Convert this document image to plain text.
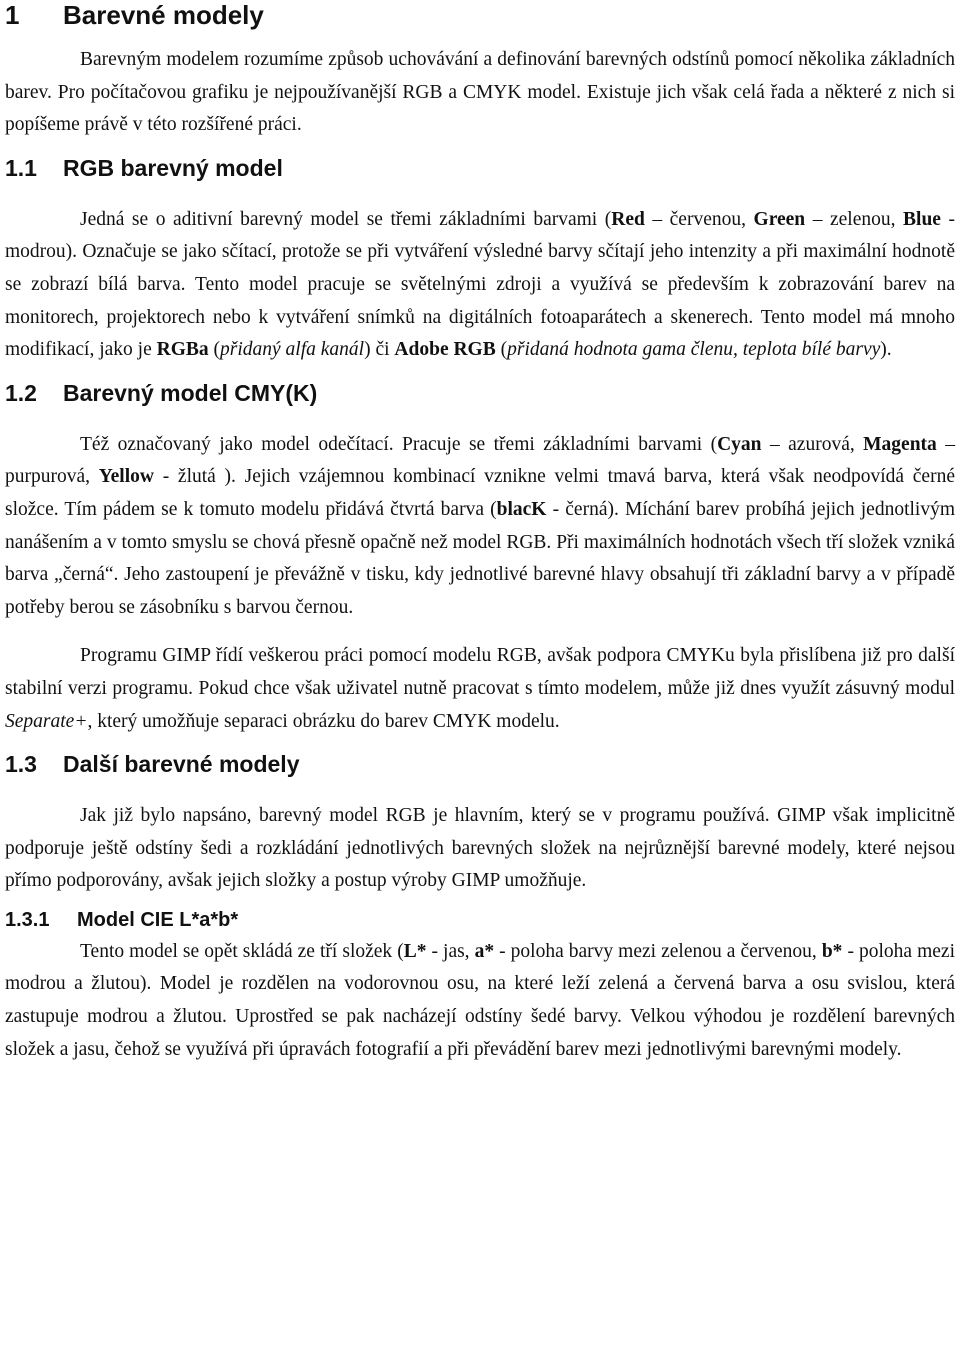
1 Barevné modely

Barevným modelem rozumíme způsob uchovávání a definování barevných odstínů pomocí několika základních barev. Pro počítačovou grafiku je nejpoužívanější RGB a CMYK model. Existuje jich však celá řada a některé z nich si popíšeme právě v této rozšířené práci.

1.1 RGB barevný model

Jedná se o aditivní barevný model se třemi základními barvami (Red – červenou, Green – zelenou, Blue - modrou). Označuje se jako sčítací, protože se při vytváření výsledné barvy sčítají jeho intenzity a při maximální hodnotě se zobrazí bílá barva. Tento model pracuje se světelnými zdroji a využívá se především k zobrazování barev na monitorech, projektorech nebo k vytváření snímků na digitálních fotoaparátech a skenerech. Tento model má mnoho modifikací, jako je RGBa (přidaný alfa kanál) či Adobe RGB (přidaná hodnota gama členu, teplota bílé barvy).

1.2 Barevný model CMY(K)

Též označovaný jako model odečítací. Pracuje se třemi základními barvami (Cyan – azurová, Magenta – purpurová, Yellow - žlutá ). Jejich vzájemnou kombinací vznikne velmi tmavá barva, která však neodpovídá černé složce. Tím pádem se k tomuto modelu přidává čtvrtá barva (blacK - černá). Míchání barev probíhá jejich jednotlivým nanášením a v tomto smyslu se chová přesně opačně než model RGB. Při maximálních hodnotách všech tří složek vzniká barva „černá“. Jeho zastoupení je převážně v tisku, kdy jednotlivé barevné hlavy obsahují tři základní barvy a v případě potřeby berou se zásobníku s barvou černou.

Programu GIMP řídí veškerou práci pomocí modelu RGB, avšak podpora CMYKu byla přislíbena již pro další stabilní verzi programu. Pokud chce však uživatel nutně pracovat s tímto modelem, může již dnes využít zásuvný modul Separate+, který umožňuje separaci obrázku do barev CMYK modelu.

1.3 Další barevné modely

Jak již bylo napsáno, barevný model RGB je hlavním, který se v programu používá. GIMP však implicitně podporuje ještě odstíny šedi a rozkládání jednotlivých barevných složek na nejrůznější barevné modely, které nejsou přímo podporovány, avšak jejich složky a postup výroby GIMP umožňuje.

1.3.1 Model CIE L*a*b*

Tento model se opět skládá ze tří složek (L* - jas, a* - poloha barvy mezi zelenou a červenou, b* - poloha mezi modrou a žlutou). Model je rozdělen na vodorovnou osu, na které leží zelená a červená barva a osu svislou, která zastupuje modrou a žlutou. Uprostřed se pak nacházejí odstíny šedé barvy. Velkou výhodou je rozdělení barevných složek a jasu, čehož se využívá při úpravách fotografií a při převádění barev mezi jednotlivými barevnými modely.
